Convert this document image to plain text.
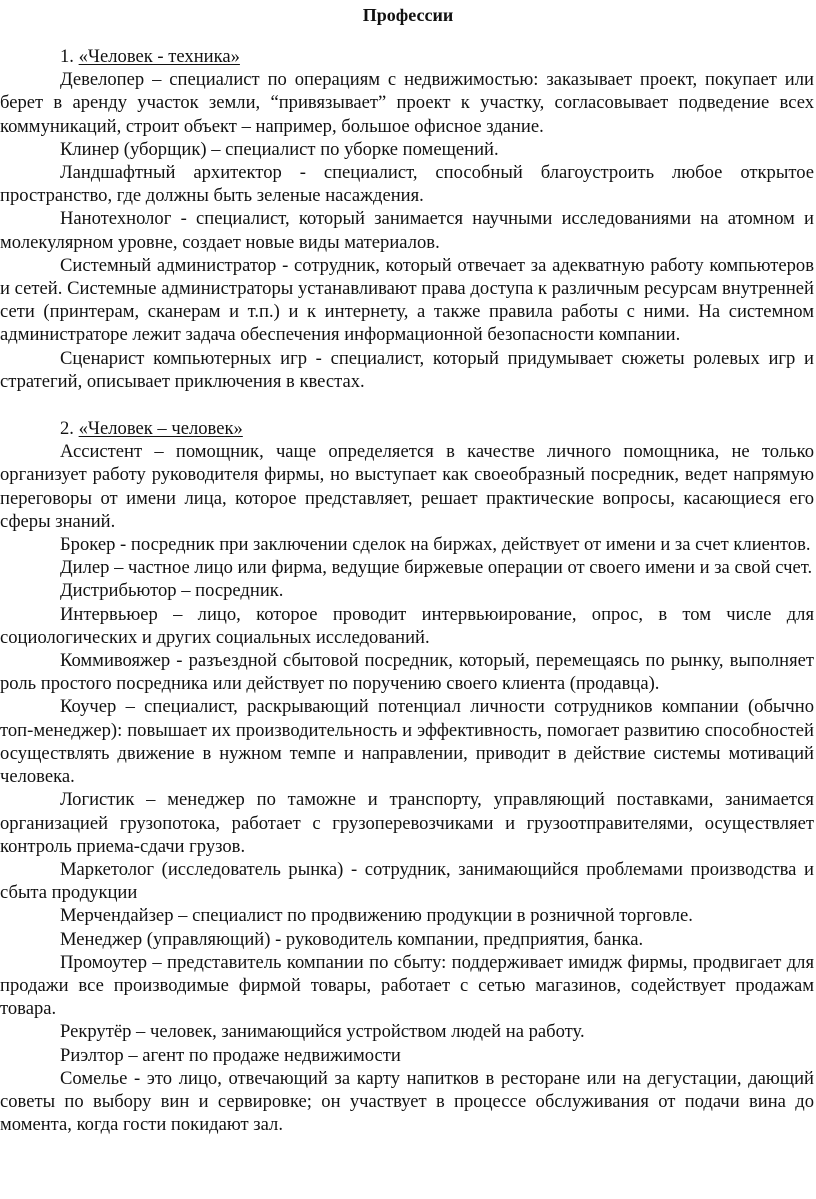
Профессии

1. «Человек - техника»

Девелопер – специалист по операциям с недвижимостью: заказывает проект, покупает или берет в аренду участок земли, “привязывает” проект к участку, согласовывает подведение всех коммуникаций, строит объект – например, большое офисное здание.

Клинер (уборщик) – специалист по уборке помещений.

Ландшафтный архитектор - специалист, способный благоустроить любое открытое пространство, где должны быть зеленые насаждения.

Нанотехнолог - специалист, который занимается научными исследованиями на атомном и молекулярном уровне, создает новые виды материалов.

Системный администратор - сотрудник, который отвечает за адекватную работу компьютеров и сетей. Системные администраторы устанавливают права доступа к различным ресурсам внутренней сети (принтерам, сканерам и т.п.) и к интернету, а также правила работы с ними. На системном администраторе лежит задача обеспечения информационной безопасности компании.

Сценарист компьютерных игр - специалист, который придумывает сюжеты ролевых игр и стратегий, описывает приключения в квестах.

2. «Человек – человек»

Ассистент – помощник, чаще определяется в качестве личного помощника, не только организует работу руководителя фирмы, но выступает как своеобразный посредник, ведет напрямую переговоры от имени лица, которое представляет, решает практические вопросы, касающиеся его сферы знаний.

Брокер - посредник при заключении сделок на биржах, действует от имени и за счет клиентов.

Дилер – частное лицо или фирма, ведущие биржевые операции от своего имени и за свой счет.

Дистрибьютор – посредник.

Интервьюер – лицо, которое проводит интервьюирование, опрос, в том числе для социологических и других социальных исследований.

Коммивояжер - разъездной сбытовой посредник, который, перемещаясь по рынку, выполняет роль простого посредника или действует по поручению своего клиента (продавца).

Коучер – специалист, раскрывающий потенциал личности сотрудников компании (обычно топ-менеджер): повышает их производительность и эффективность, помогает развитию способностей осуществлять движение в нужном темпе и направлении, приводит в действие системы мотиваций человека.

Логистик – менеджер по таможне и транспорту, управляющий поставками, занимается организацией грузопотока, работает с грузоперевозчиками и грузоотправителями, осуществляет контроль приема-сдачи грузов.

Маркетолог (исследователь рынка) - сотрудник, занимающийся проблемами производства и сбыта продукции

Мерчендайзер – специалист по продвижению продукции в розничной торговле.

Менеджер (управляющий) - руководитель компании, предприятия, банка.

Промоутер – представитель компании по сбыту: поддерживает имидж фирмы, продвигает для продажи все производимые фирмой товары, работает с сетью магазинов, содействует продажам товара.

Рекрутёр – человек, занимающийся устройством людей на работу.

Риэлтор – агент по продаже недвижимости

Сомелье - это лицо, отвечающий за карту напитков в ресторане или на дегустации, дающий советы по выбору вин и сервировке; он участвует в процессе обслуживания от подачи вина до момента, когда гости покидают зал.
